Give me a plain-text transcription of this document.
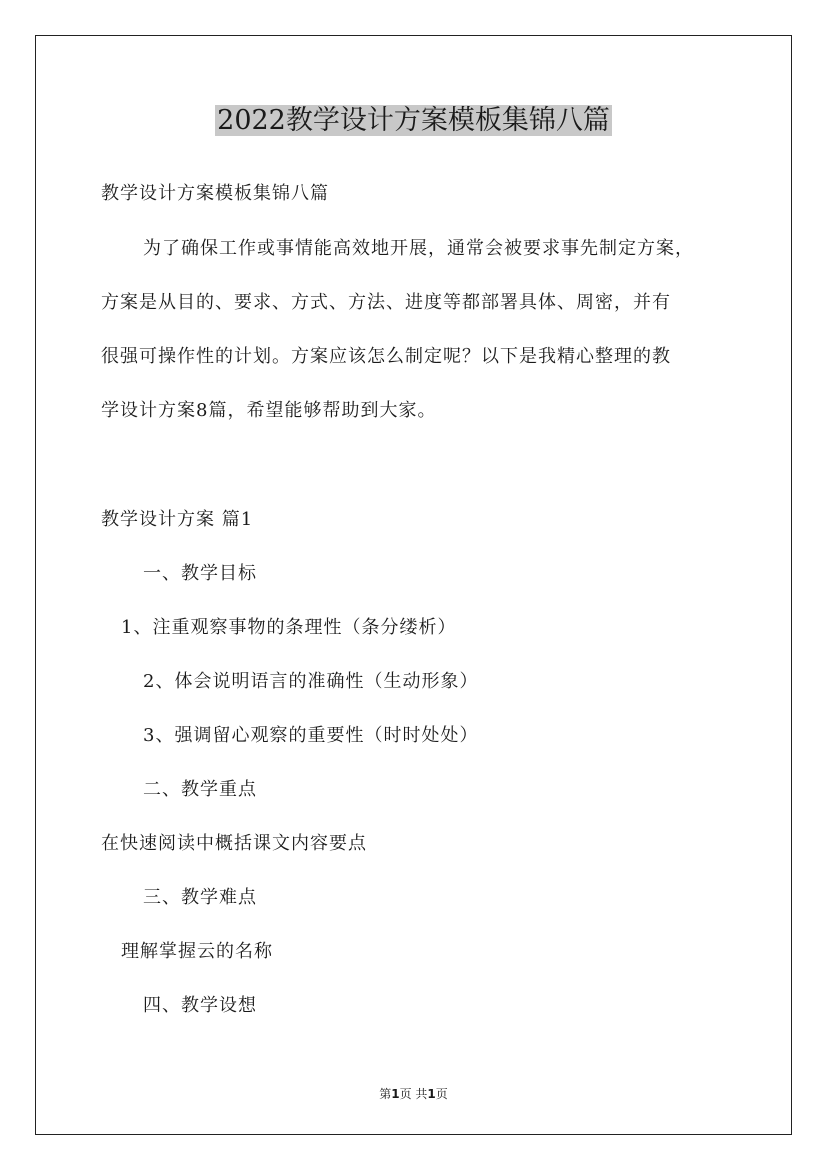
2022教学设计方案模板集锦八篇
教学设计方案模板集锦八篇
为了确保工作或事情能高效地开展，通常会被要求事先制定方案，
方案是从目的、要求、方式、方法、进度等都部署具体、周密，并有
很强可操作性的计划。方案应该怎么制定呢？以下是我精心整理的教
学设计方案8篇，希望能够帮助到大家。
教学设计方案 篇1
一、教学目标
1、注重观察事物的条理性（条分缕析）
2、体会说明语言的准确性（生动形象）
3、强调留心观察的重要性（时时处处）
二、教学重点
在快速阅读中概括课文内容要点
三、教学难点
理解掌握云的名称
四、教学设想
第1页 共1页
